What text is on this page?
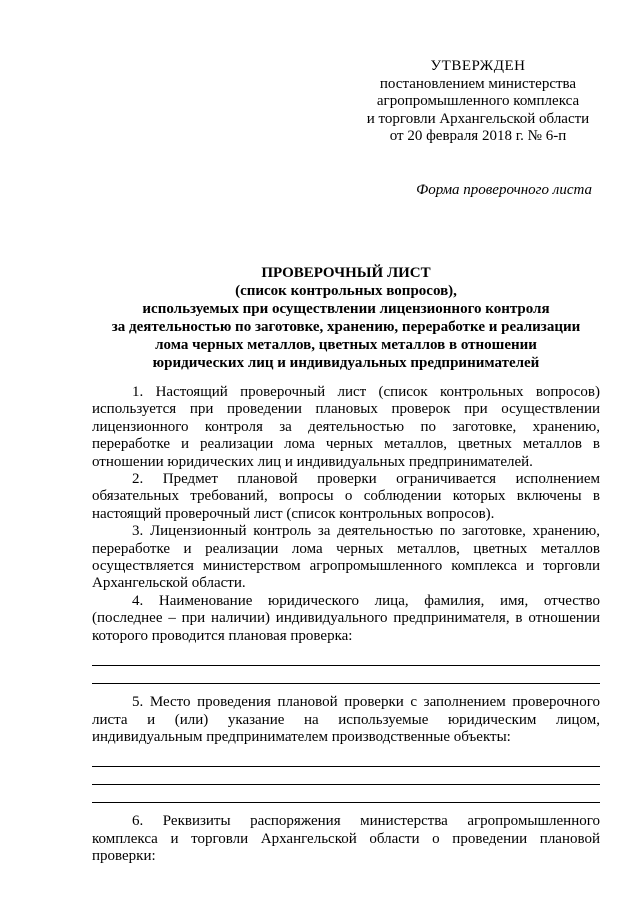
УТВЕРЖДЕН
постановлением министерства
агропромышленного комплекса
и торговли Архангельской области
от 20 февраля 2018 г. № 6-п
Форма проверочного листа
ПРОВЕРОЧНЫЙ ЛИСТ
(список контрольных вопросов),
используемых при осуществлении лицензионного контроля
за деятельностью по заготовке, хранению, переработке и реализации
лома черных металлов, цветных металлов в отношении
юридических лиц и индивидуальных предпринимателей

1. Настоящий проверочный лист (список контрольных вопросов) используется при проведении плановых проверок при осуществлении лицензионного контроля за деятельностью по заготовке, хранению, переработке и реализации лома черных металлов, цветных металлов в отношении юридических лиц и индивидуальных предпринимателей.

2. Предмет плановой проверки ограничивается исполнением обязательных требований, вопросы о соблюдении которых включены в настоящий проверочный лист (список контрольных вопросов).

3. Лицензионный контроль за деятельностью по заготовке, хранению, переработке и реализации лома черных металлов, цветных металлов осуществляется министерством агропромышленного комплекса и торговли Архангельской области.

4. Наименование юридического лица, фамилия, имя, отчество (последнее – при наличии) индивидуального предпринимателя, в отношении которого проводится плановая проверка:

5. Место проведения плановой проверки с заполнением проверочного листа и (или) указание на используемые юридическим лицом, индивидуальным предпринимателем производственные объекты:

6. Реквизиты распоряжения министерства агропромышленного комплекса и торговли Архангельской области о проведении плановой проверки:
